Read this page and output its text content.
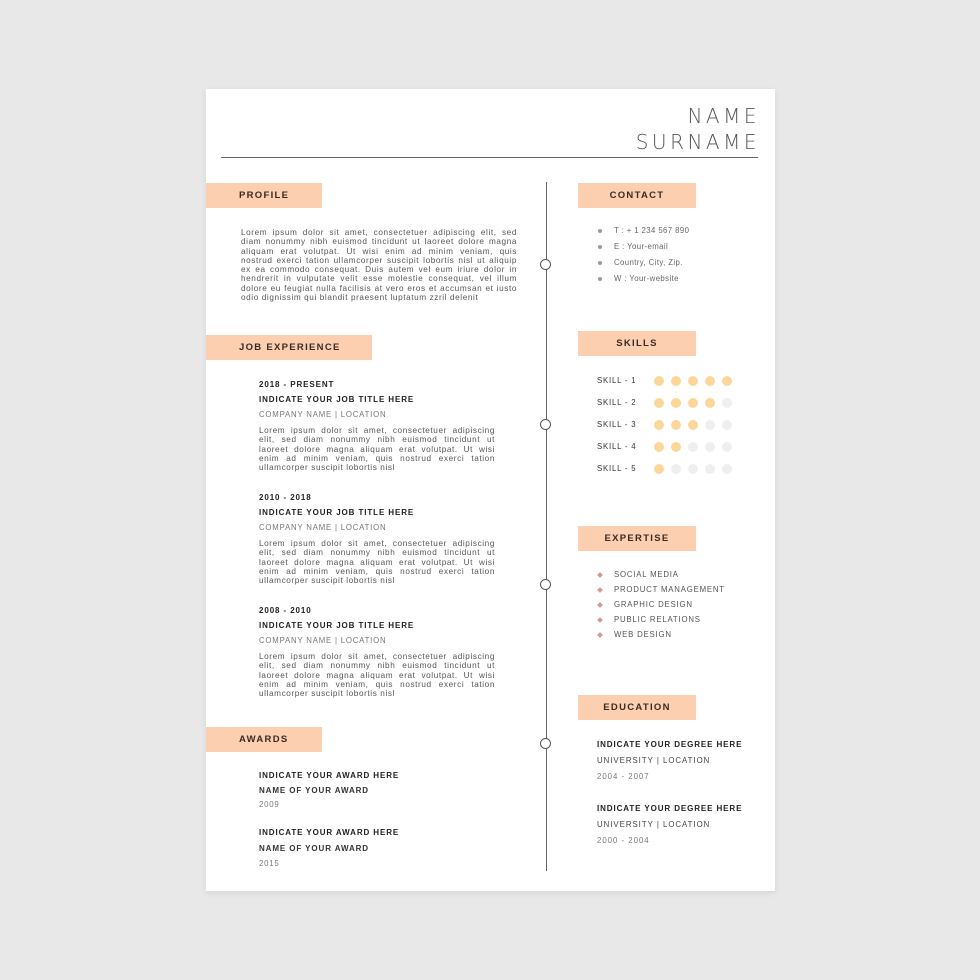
NAME
SURNAME
PROFILE
Lorem ipsum dolor sit amet, consectetuer adipiscing elit, sed diam nonummy nibh euismod tincidunt ut laoreet dolore magna aliquam erat volutpat. Ut wisi enim ad minim veniam, quis nostrud exerci tation ullamcorper suscipit lobortis nisl ut aliquip ex ea commodo consequat. Duis autem vel eum iriure dolor in hendrerit in vulputate velit esse molestie consequat, vel illum dolore eu feugiat nulla facilisis at vero eros et accumsan et iusto odio dignissim qui blandit praesent luptatum zzril delenit
JOB EXPERIENCE
2018 - PRESENT
INDICATE YOUR JOB TITLE HERE
COMPANY NAME | LOCATION
Lorem ipsum dolor sit amet, consectetuer adipiscing elit, sed diam nonummy nibh euismod tincidunt ut laoreet dolore magna aliquam erat volutpat. Ut wisi enim ad minim veniam, quis nostrud exerci tation ullamcorper suscipit lobortis nisl
2010 - 2018
INDICATE YOUR JOB TITLE HERE
COMPANY NAME | LOCATION
Lorem ipsum dolor sit amet, consectetuer adipiscing elit, sed diam nonummy nibh euismod tincidunt ut laoreet dolore magna aliquam erat volutpat. Ut wisi enim ad minim veniam, quis nostrud exerci tation ullamcorper suscipit lobortis nisl
2008 - 2010
INDICATE YOUR JOB TITLE HERE
COMPANY NAME | LOCATION
Lorem ipsum dolor sit amet, consectetuer adipiscing elit, sed diam nonummy nibh euismod tincidunt ut laoreet dolore magna aliquam erat volutpat. Ut wisi enim ad minim veniam, quis nostrud exerci tation ullamcorper suscipit lobortis nisl
AWARDS
INDICATE YOUR AWARD HERE
NAME OF YOUR AWARD
2009
INDICATE YOUR AWARD HERE
NAME OF YOUR AWARD
2015
CONTACT
T : + 1 234 567 890
E : Your-email
Country, City, Zip.
W : Your-website
SKILLS
SKILL - 1
SKILL - 2
SKILL - 3
SKILL - 4
SKILL - 5
EXPERTISE
SOCIAL MEDIA
PRODUCT MANAGEMENT
GRAPHIC DESIGN
PUBLIC RELATIONS
WEB DESIGN
EDUCATION
INDICATE YOUR DEGREE HERE
UNIVERSITY | LOCATION
2004 - 2007
INDICATE YOUR DEGREE HERE
UNIVERSITY | LOCATION
2000 - 2004
